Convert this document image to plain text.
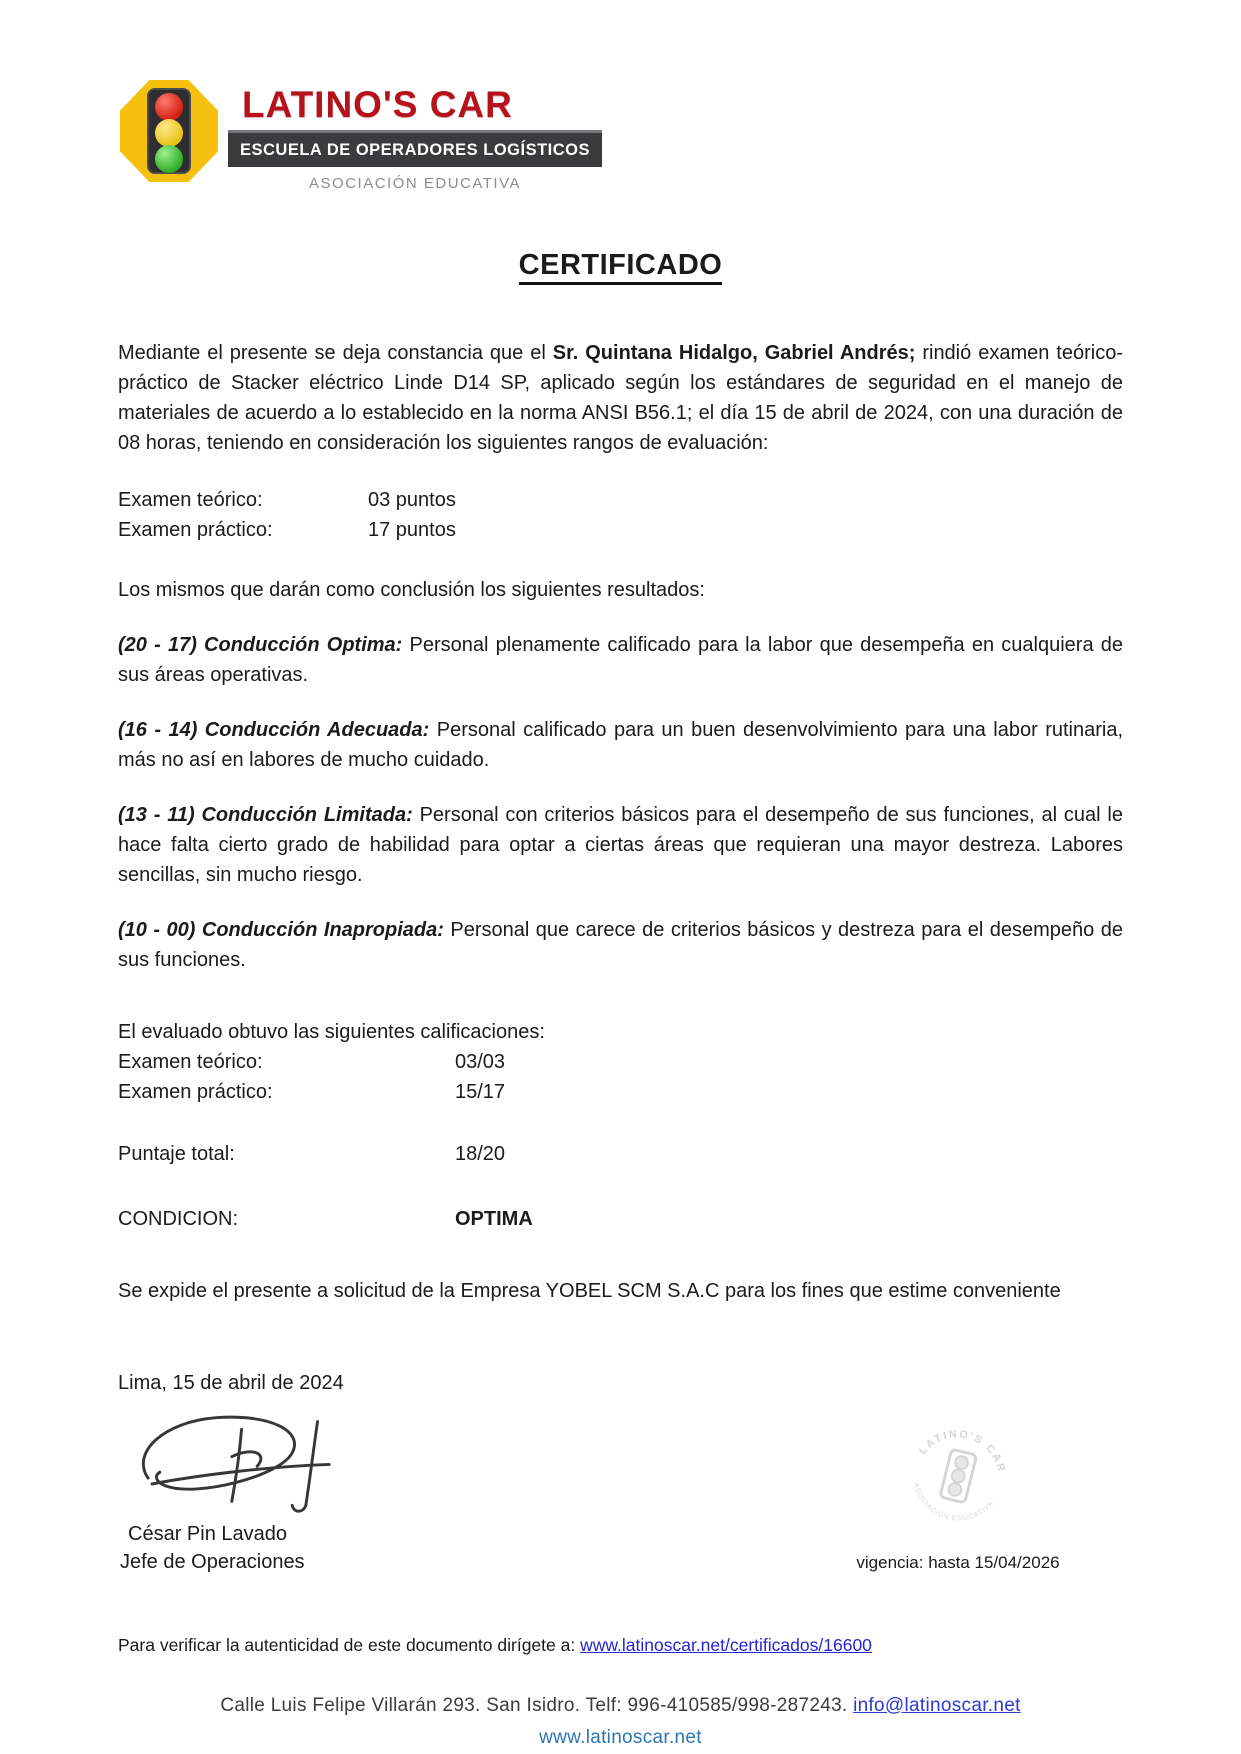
LATINO'S CAR
ESCUELA DE OPERADORES LOGÍSTICOS
ASOCIACIÓN EDUCATIVA
CERTIFICADO

Mediante el presente se deja constancia que el Sr. Quintana Hidalgo, Gabriel Andrés; rindió examen teórico-práctico de Stacker eléctrico Linde D14 SP, aplicado según los estándares de seguridad en el manejo de materiales de acuerdo a lo establecido en la norma ANSI B56.1; el día 15 de abril de 2024, con una duración de 08 horas, teniendo en consideración los siguientes rangos de evaluación:

Examen teórico:	03 puntos

Examen práctico:	17 puntos

Los mismos que darán como conclusión los siguientes resultados:

(20 - 17) Conducción Optima: Personal plenamente calificado para la labor que desempeña en cualquiera de sus áreas operativas.

(16 - 14) Conducción Adecuada: Personal calificado para un buen desenvolvimiento para una labor rutinaria, más no así en labores de mucho cuidado.

(13 - 11) Conducción Limitada: Personal con criterios básicos para el desempeño de sus funciones, al cual le hace falta cierto grado de habilidad para optar a ciertas áreas que requieran una mayor destreza. Labores sencillas, sin mucho riesgo.

(10 - 00) Conducción Inapropiada: Personal que carece de criterios básicos y destreza para el desempeño de sus funciones.

El evaluado obtuvo las siguientes calificaciones:

Examen teórico:	03/03

Examen práctico:	15/17

Puntaje total:	18/20

CONDICION:	OPTIMA

Se expide el presente a solicitud de la Empresa YOBEL SCM S.A.C para los fines que estime conveniente

Lima, 15 de abril de 2024

César Pin Lavado
Jefe de Operaciones
LATINO'S CAR
ASOCIACIÓN EDUCATIVA
vigencia: hasta 15/04/2026

Para verificar la autenticidad de este documento dirígete a: www.latinoscar.net/certificados/16600

Calle Luis Felipe Villarán 293. San Isidro. Telf: 996-410585/998-287243. info@latinoscar.net
www.latinoscar.net
